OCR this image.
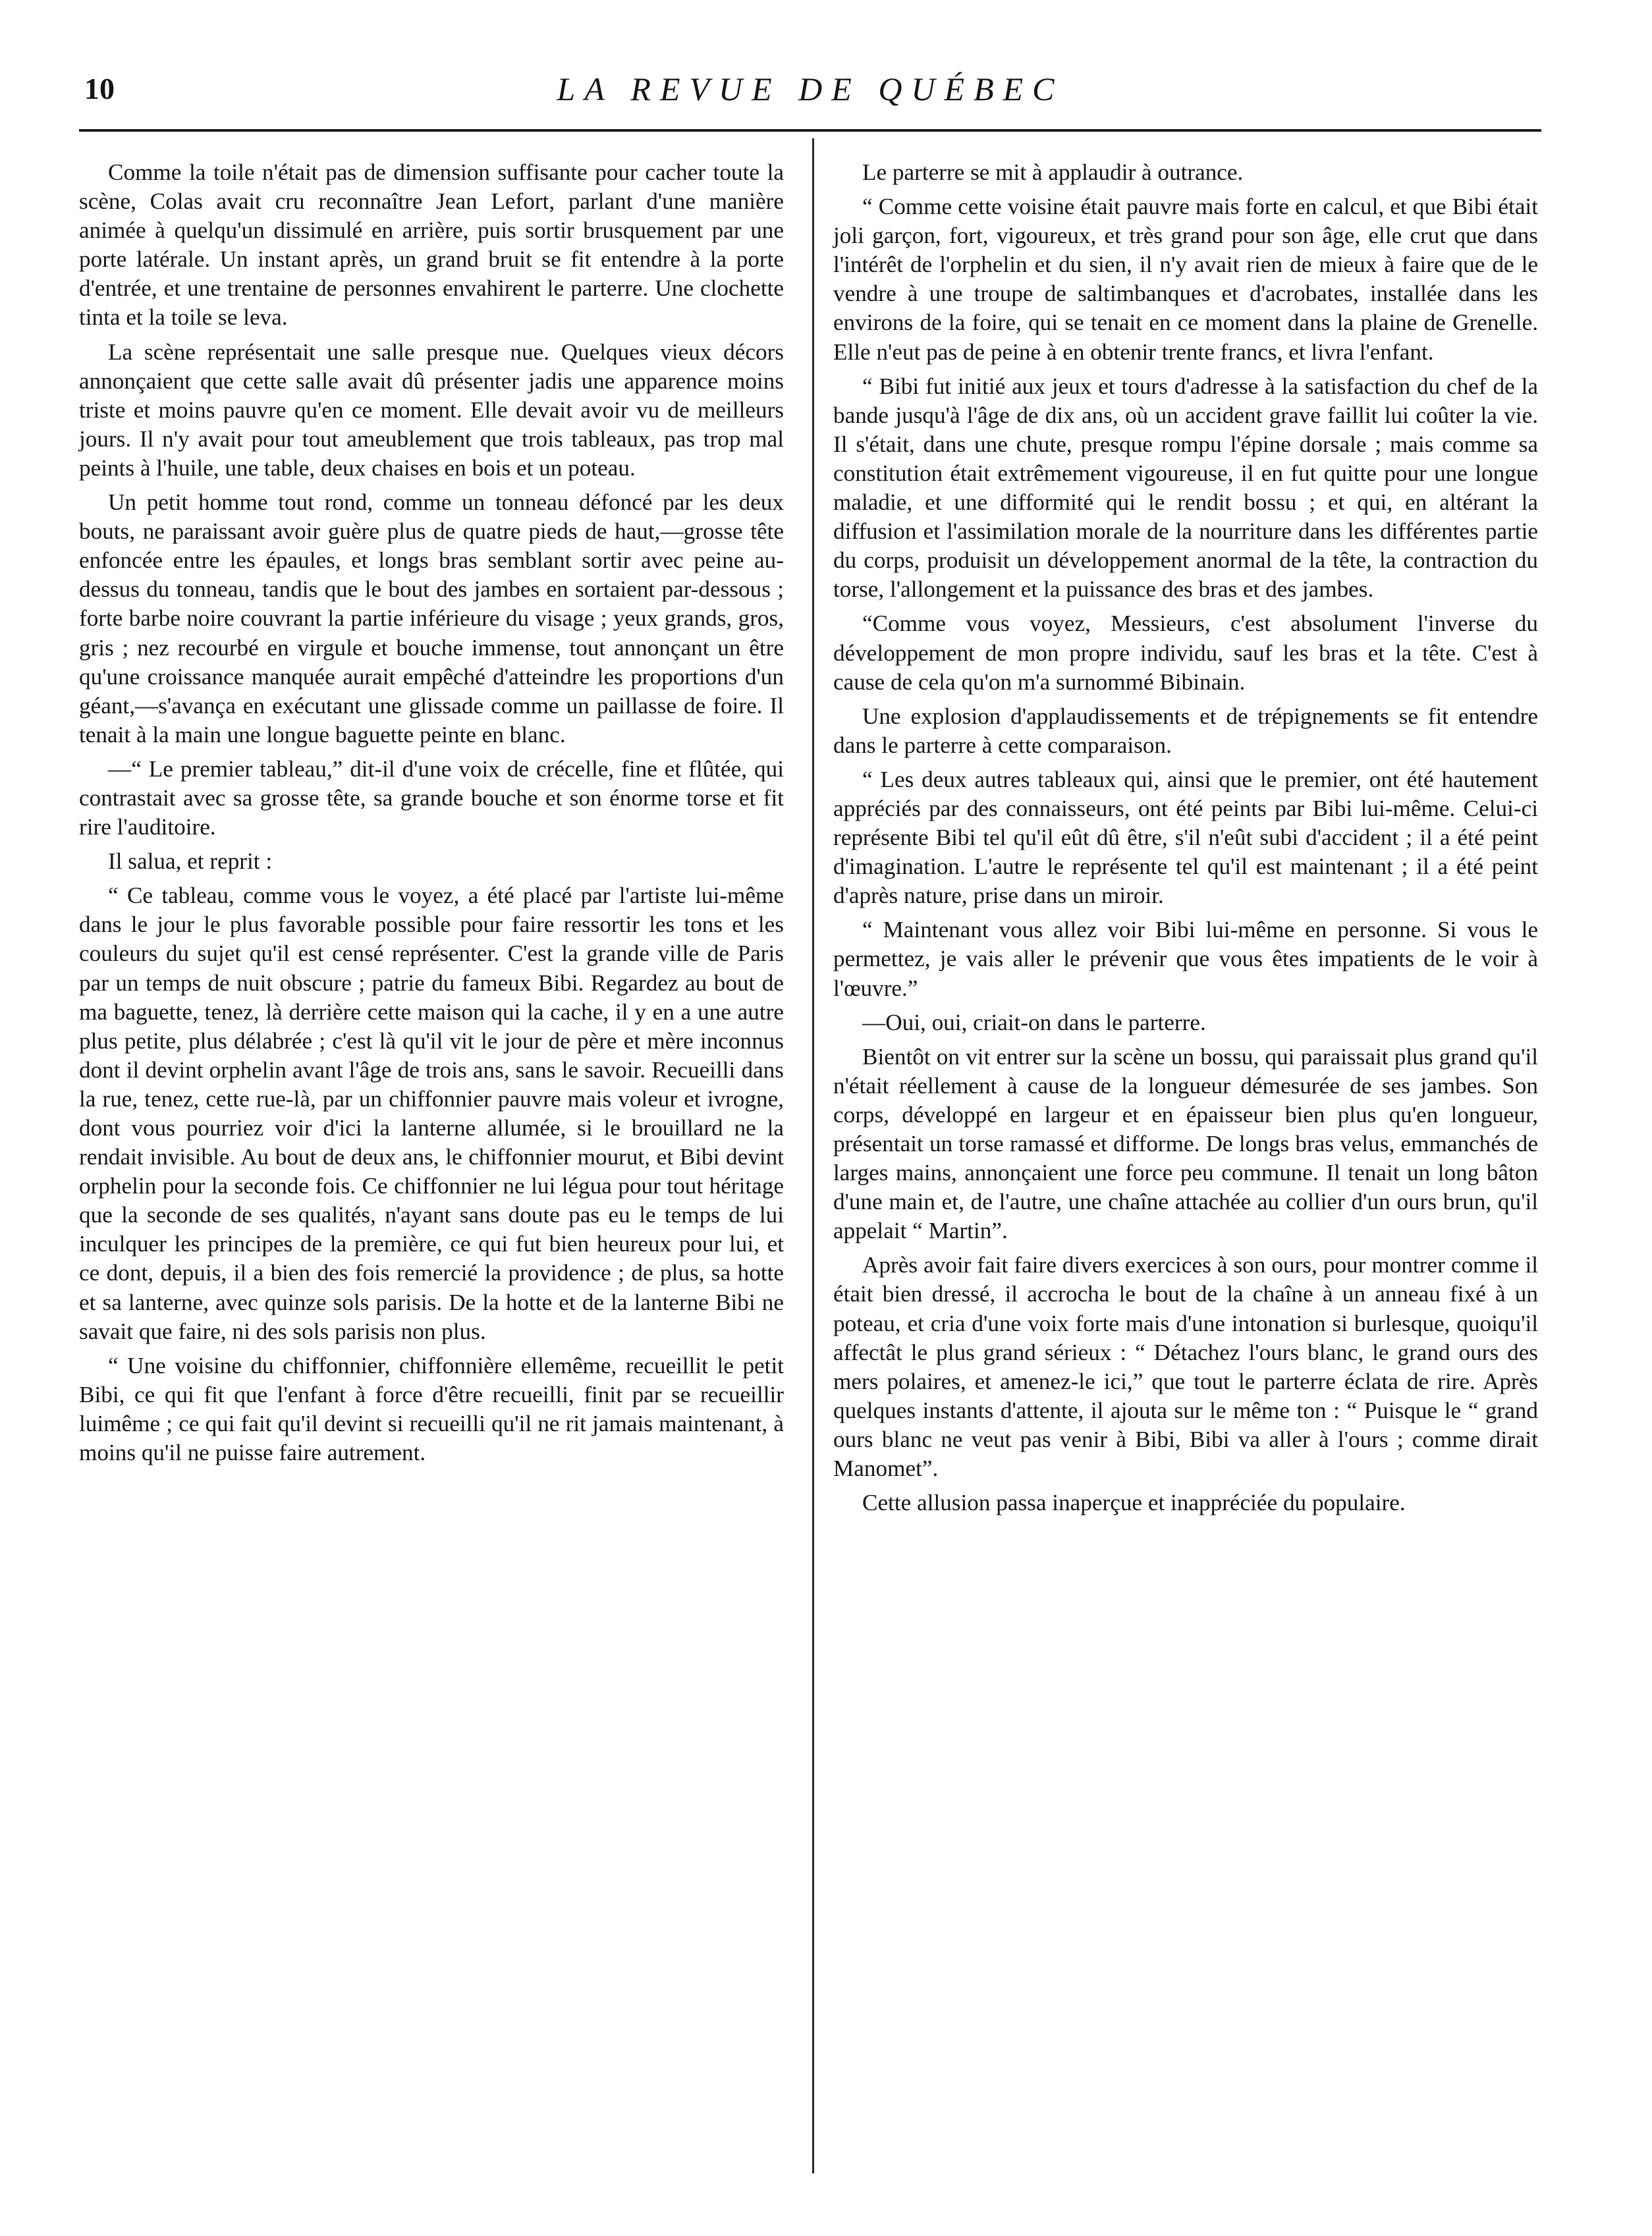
10	LA REVUE DE QUÉBEC

Comme la toile n'était pas de dimension suffisante pour cacher toute la scène, Colas avait cru reconnaître Jean Lefort, parlant d'une manière animée à quelqu'un dissimulé en arrière, puis sortir brusquement par une porte latérale. Un instant après, un grand bruit se fit entendre à la porte d'entrée, et une trentaine de personnes envahirent le parterre. Une clochette tinta et la toile se leva.

La scène représentait une salle presque nue. Quelques vieux décors annonçaient que cette salle avait dû présenter jadis une apparence moins triste et moins pauvre qu'en ce moment. Elle devait avoir vu de meilleurs jours. Il n'y avait pour tout ameublement que trois tableaux, pas trop mal peints à l'huile, une table, deux chaises en bois et un poteau.

Un petit homme tout rond, comme un tonneau défoncé par les deux bouts, ne paraissant avoir guère plus de quatre pieds de haut,—grosse tête enfoncée entre les épaules, et longs bras semblant sortir avec peine au-dessus du tonneau, tandis que le bout des jambes en sortaient par-dessous ; forte barbe noire couvrant la partie inférieure du visage ; yeux grands, gros, gris ; nez recourbé en virgule et bouche immense, tout annonçant un être qu'une croissance manquée aurait empêché d'atteindre les proportions d'un géant,—s'avança en exécutant une glissade comme un paillasse de foire. Il tenait à la main une longue baguette peinte en blanc.

—“ Le premier tableau,” dit-il d'une voix de crécelle, fine et flûtée, qui contrastait avec sa grosse tête, sa grande bouche et son énorme torse et fit rire l'auditoire.

Il salua, et reprit :

“ Ce tableau, comme vous le voyez, a été placé par l'artiste lui-même dans le jour le plus favorable possible pour faire ressortir les tons et les couleurs du sujet qu'il est censé représenter. C'est la grande ville de Paris par un temps de nuit obscure ; patrie du fameux Bibi. Regardez au bout de ma baguette, tenez, là derrière cette maison qui la cache, il y en a une autre plus petite, plus délabrée ; c'est là qu'il vit le jour de père et mère inconnus dont il devint orphelin avant l'âge de trois ans, sans le savoir. Recueilli dans la rue, tenez, cette rue-là, par un chiffonnier pauvre mais voleur et ivrogne, dont vous pourriez voir d'ici la lanterne allumée, si le brouillard ne la rendait invisible. Au bout de deux ans, le chiffonnier mourut, et Bibi devint orphelin pour la seconde fois. Ce chiffonnier ne lui légua pour tout héritage que la seconde de ses qualités, n'ayant sans doute pas eu le temps de lui inculquer les principes de la première, ce qui fut bien heureux pour lui, et ce dont, depuis, il a bien des fois remercié la providence ; de plus, sa hotte et sa lanterne, avec quinze sols parisis. De la hotte et de la lanterne Bibi ne savait que faire, ni des sols parisis non plus.

“ Une voisine du chiffonnier, chiffonnière ellemême, recueillit le petit Bibi, ce qui fit que l'enfant à force d'être recueilli, finit par se recueillir luimême ; ce qui fait qu'il devint si recueilli qu'il ne rit jamais maintenant, à moins qu'il ne puisse faire autrement.

Le parterre se mit à applaudir à outrance.

“ Comme cette voisine était pauvre mais forte en calcul, et que Bibi était joli garçon, fort, vigoureux, et très grand pour son âge, elle crut que dans l'intérêt de l'orphelin et du sien, il n'y avait rien de mieux à faire que de le vendre à une troupe de saltimbanques et d'acrobates, installée dans les environs de la foire, qui se tenait en ce moment dans la plaine de Grenelle. Elle n'eut pas de peine à en obtenir trente francs, et livra l'enfant.

“ Bibi fut initié aux jeux et tours d'adresse à la satisfaction du chef de la bande jusqu'à l'âge de dix ans, où un accident grave faillit lui coûter la vie. Il s'était, dans une chute, presque rompu l'épine dorsale ; mais comme sa constitution était extrêmement vigoureuse, il en fut quitte pour une longue maladie, et une difformité qui le rendit bossu ; et qui, en altérant la diffusion et l'assimilation morale de la nourriture dans les différentes partie du corps, produisit un développement anormal de la tête, la contraction du torse, l'allongement et la puissance des bras et des jambes.

“Comme vous voyez, Messieurs, c'est absolument l'inverse du développement de mon propre individu, sauf les bras et la tête. C'est à cause de cela qu'on m'a surnommé Bibinain.

Une explosion d'applaudissements et de trépignements se fit entendre dans le parterre à cette comparaison.

“ Les deux autres tableaux qui, ainsi que le premier, ont été hautement appréciés par des connaisseurs, ont été peints par Bibi lui-même. Celui-ci représente Bibi tel qu'il eût dû être, s'il n'eût subi d'accident ; il a été peint d'imagination. L'autre le représente tel qu'il est maintenant ; il a été peint d'après nature, prise dans un miroir.

“ Maintenant vous allez voir Bibi lui-même en personne. Si vous le permettez, je vais aller le prévenir que vous êtes impatients de le voir à l'œuvre.”

—Oui, oui, criait-on dans le parterre.

Bientôt on vit entrer sur la scène un bossu, qui paraissait plus grand qu'il n'était réellement à cause de la longueur démesurée de ses jambes. Son corps, développé en largeur et en épaisseur bien plus qu'en longueur, présentait un torse ramassé et difforme. De longs bras velus, emmanchés de larges mains, annonçaient une force peu commune. Il tenait un long bâton d'une main et, de l'autre, une chaîne attachée au collier d'un ours brun, qu'il appelait “ Martin”.

Après avoir fait faire divers exercices à son ours, pour montrer comme il était bien dressé, il accrocha le bout de la chaîne à un anneau fixé à un poteau, et cria d'une voix forte mais d'une intonation si burlesque, quoiqu'il affectât le plus grand sérieux : “ Détachez l'ours blanc, le grand ours des mers polaires, et amenez-le ici,” que tout le parterre éclata de rire. Après quelques instants d'attente, il ajouta sur le même ton : “ Puisque le “ grand ours blanc ne veut pas venir à Bibi, Bibi va aller à l'ours ; comme dirait Manomet”.

Cette allusion passa inaperçue et inappréciée du populaire.
